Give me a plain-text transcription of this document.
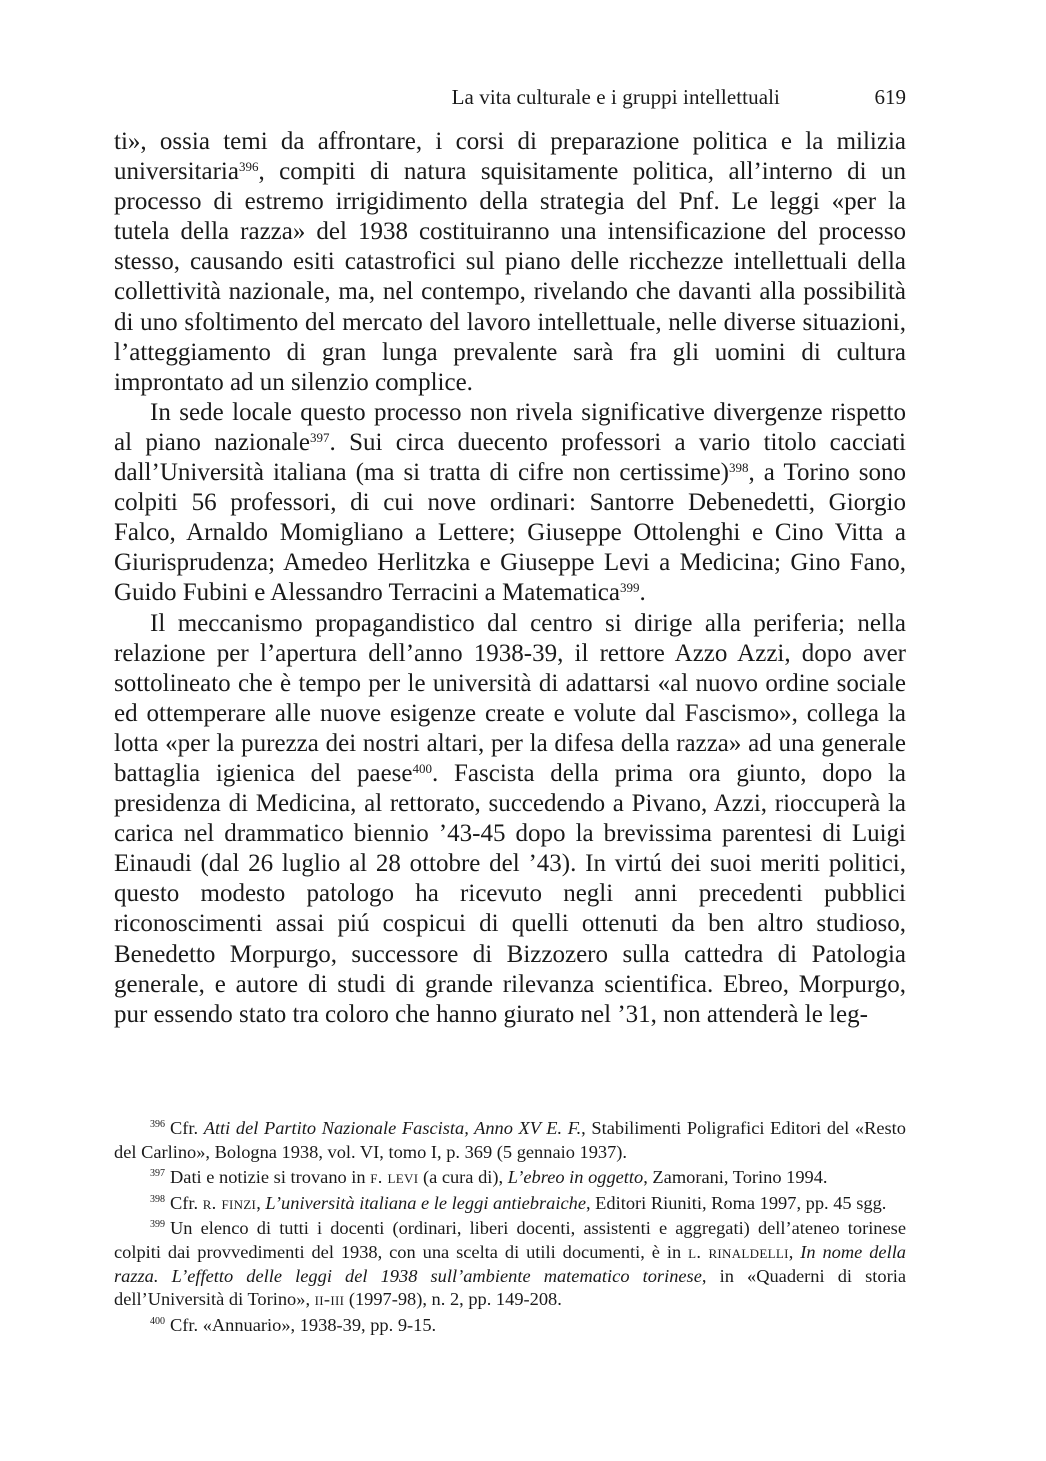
La vita culturale e i gruppi intellettuali	619

ti», ossia temi da affrontare, i corsi di preparazione politica e la milizia universitaria$^{396}$, compiti di natura squisitamente politica, all’interno di un processo di estremo irrigidimento della strategia del Pnf. Le leggi «per la tutela della razza» del 1938 costituiranno una intensificazione del processo stesso, causando esiti catastrofici sul piano delle ricchezze intellettuali della collettività nazionale, ma, nel contempo, rivelando che davanti alla possibilità di uno sfoltimento del mercato del lavoro intellettuale, nelle diverse situazioni, l’atteggiamento di gran lunga prevalente sarà fra gli uomini di cultura improntato ad un silenzio complice.

In sede locale questo processo non rivela significative divergenze rispetto al piano nazionale$^{397}$. Sui circa duecento professori a vario titolo cacciati dall’Università italiana (ma si tratta di cifre non certissime)$^{398}$, a Torino sono colpiti 56 professori, di cui nove ordinari: Santorre Debenedetti, Giorgio Falco, Arnaldo Momigliano a Lettere; Giuseppe Ottolenghi e Cino Vitta a Giurisprudenza; Amedeo Herlitzka e Giuseppe Levi a Medicina; Gino Fano, Guido Fubini e Alessandro Terracini a Matematica$^{399}$.

Il meccanismo propagandistico dal centro si dirige alla periferia; nella relazione per l’apertura dell’anno 1938-39, il rettore Azzo Azzi, dopo aver sottolineato che è tempo per le università di adattarsi «al nuovo ordine sociale ed ottemperare alle nuove esigenze create e volute dal Fascismo», collega la lotta «per la purezza dei nostri altari, per la difesa della razza» ad una generale battaglia igienica del paese$^{400}$. Fascista della prima ora giunto, dopo la presidenza di Medicina, al rettorato, succedendo a Pivano, Azzi, rioccuperà la carica nel drammatico biennio ’43-45 dopo la brevissima parentesi di Luigi Einaudi (dal 26 luglio al 28 ottobre del ’43). In virtú dei suoi meriti politici, questo modesto patologo ha ricevuto negli anni precedenti pubblici riconoscimenti assai piú cospicui di quelli ottenuti da ben altro studioso, Benedetto Morpurgo, successore di Bizzozero sulla cattedra di Patologia generale, e autore di studi di grande rilevanza scientifica. Ebreo, Morpurgo, pur essendo stato tra coloro che hanno giurato nel ’31, non attenderà le leg-

$^{396}$ Cfr. Atti del Partito Nazionale Fascista, Anno XV E. F., Stabilimenti Poligrafici Editori del «Resto del Carlino», Bologna 1938, vol. VI, tomo I, p. 369 (5 gennaio 1937).

$^{397}$ Dati e notizie si trovano in f. levi (a cura di), L’ebreo in oggetto, Zamorani, Torino 1994.

$^{398}$ Cfr. r. finzi, L’università italiana e le leggi antiebraiche, Editori Riuniti, Roma 1997, pp. 45 sgg.

$^{399}$ Un elenco di tutti i docenti (ordinari, liberi docenti, assistenti e aggregati) dell’ateneo torinese colpiti dai provvedimenti del 1938, con una scelta di utili documenti, è in l. rinaldelli, In nome della razza. L’effetto delle leggi del 1938 sull’ambiente matematico torinese, in «Quaderni di storia dell’Università di Torino», ii-iii (1997-98), n. 2, pp. 149-208.

$^{400}$ Cfr. «Annuario», 1938-39, pp. 9-15.
